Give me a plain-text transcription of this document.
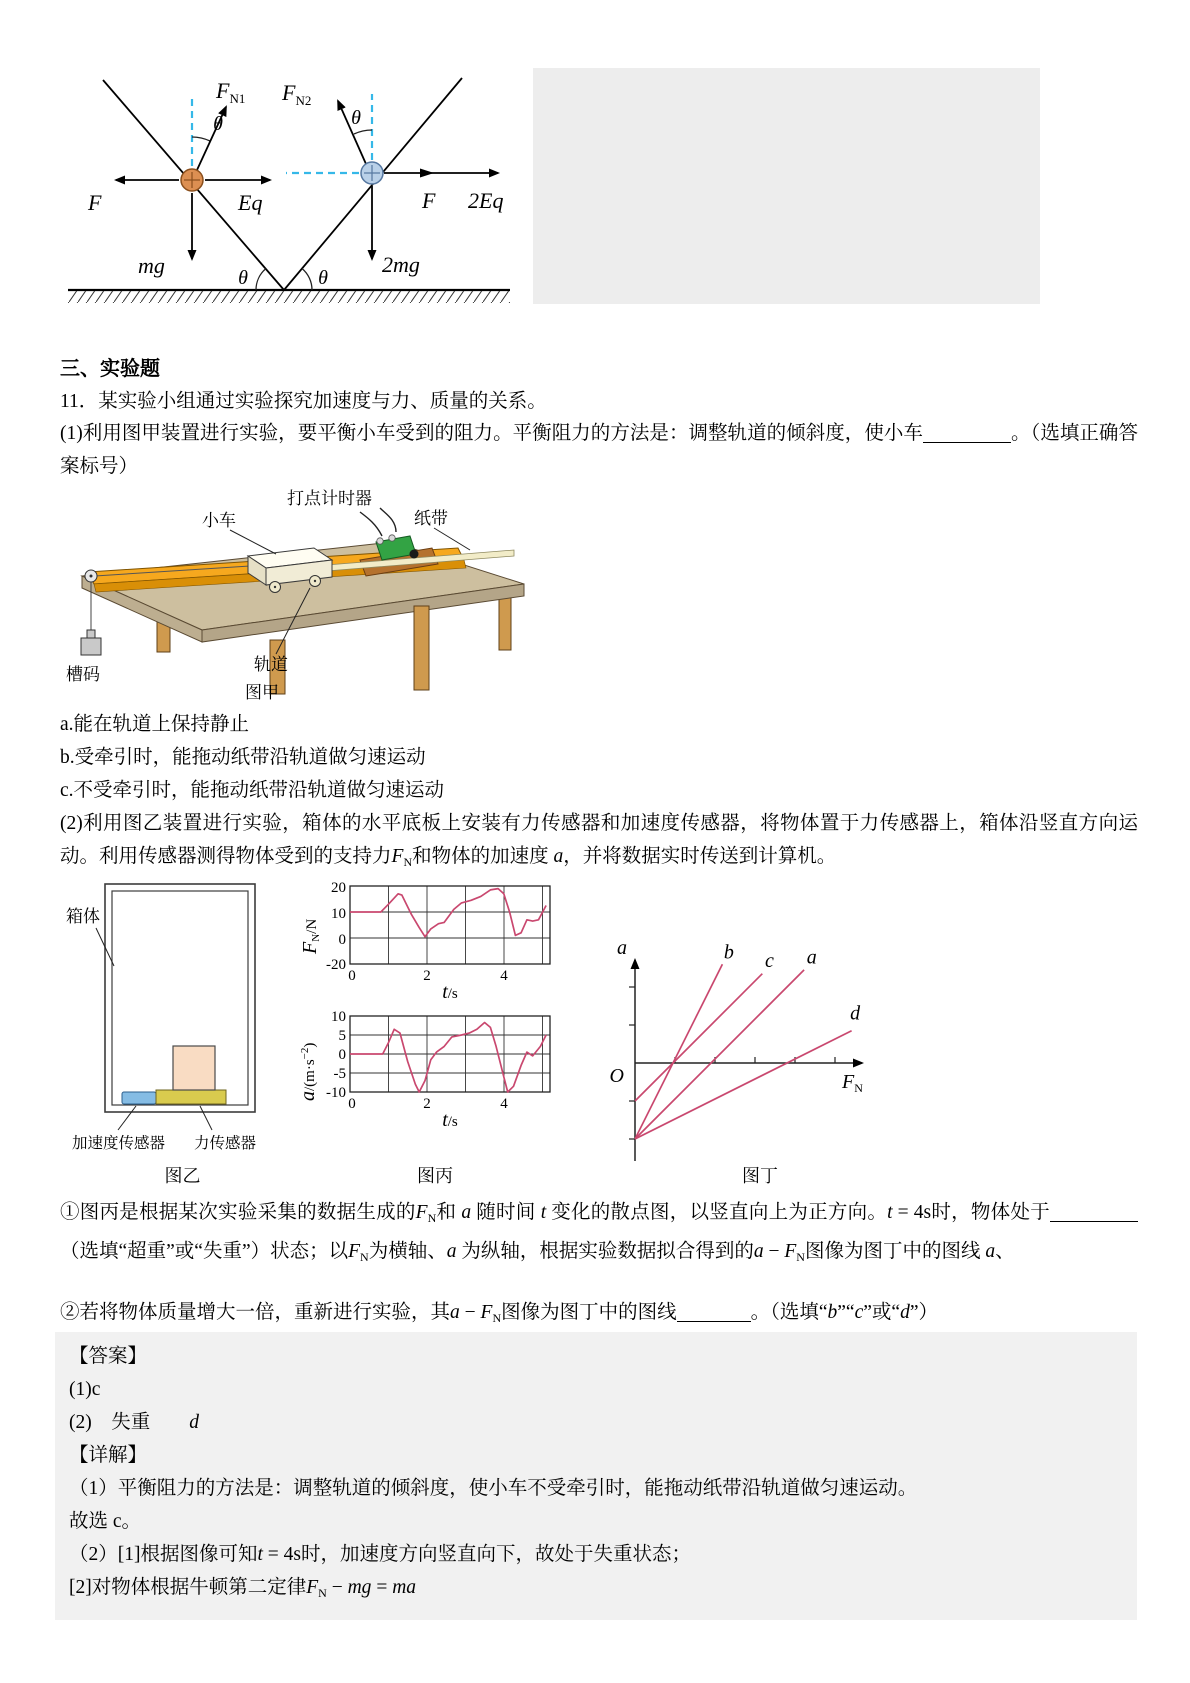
θ	θ
θ
F	Eq
mg
$F_{N1}$
θ
F 2Eq
2mg
$F_{N2}$
三、实验题
11．某实验小组通过实验探究加速度与力、质量的关系。
(1)利用图甲装置进行实验，要平衡小车受到的阻力。平衡阻力的方法是：调整轨道的倾斜度，使小车	。（选填正确答案标号）
打点计时器
小车	纸带
轨道
槽码
图甲
a.能在轨道上保持静止
b.受牵引时，能拖动纸带沿轨道做匀速运动
c.不受牵引时，能拖动纸带沿轨道做匀速运动
(2)利用图乙装置进行实验，箱体的水平底板上安装有力传感器和加速度传感器，将物体置于力传感器上，箱体沿竖直方向运动。利用传感器测得物体受到的支持力$F_N$和物体的加速度 a，并将数据实时传送到计算机。
箱体
加速度传感器 力传感器
20
10
0
-20
0	2	4
t/s
FN/N
10
5
0
-5
-10
0	2	4
t/s
$a/(m\cdot s^{-2})$
b c a
d
a
O	$F_N$
图乙	图丙	图丁
①图丙是根据某次实验采集的数据生成的$F_N$和 a 随时间 t 变化的散点图，以竖直向上为正方向。t = 4s时，物体处于（选填“超重”或“失重”）状态；以$F_N$为横轴、a 为纵轴，根据实验数据拟合得到的$a - F_N$图像为图丁中的图线 a、
②若将物体质量增大一倍，重新进行实验，其$a - F_N$图像为图丁中的图线	。（选填“b”“c”或“d”）
【答案】
(1)c
(2)　失重　　d
【详解】
（1）平衡阻力的方法是：调整轨道的倾斜度，使小车不受牵引时，能拖动纸带沿轨道做匀速运动。
故选 c。
（2）[1]根据图像可知t = 4s时，加速度方向竖直向下，故处于失重状态；
[2]对物体根据牛顿第二定律$F_N$ − mg = ma
